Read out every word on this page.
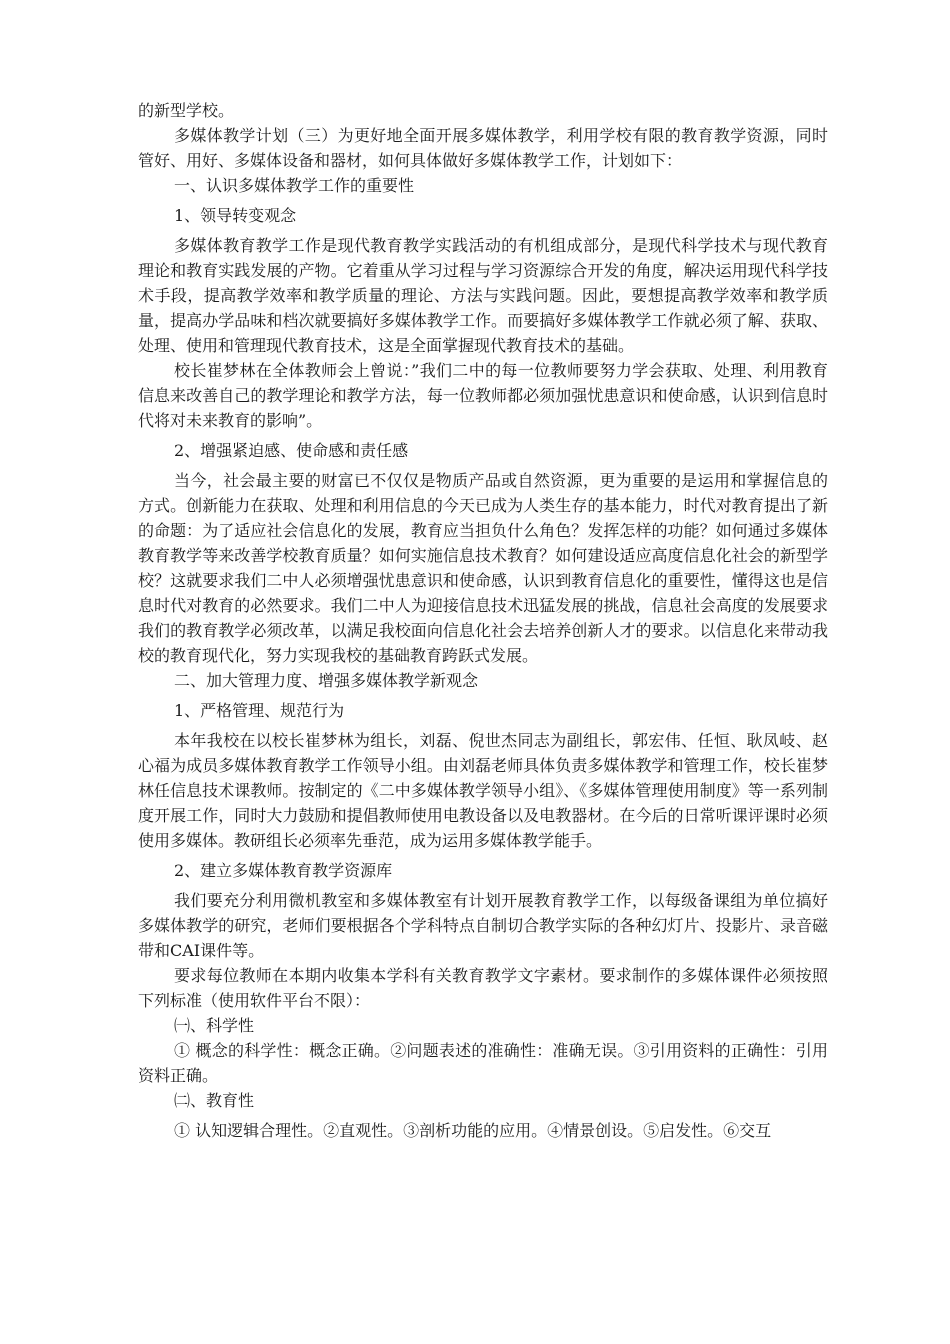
的新型学校。

多媒体教学计划（三）为更好地全面开展多媒体教学，利用学校有限的教育教学资源，同时管好、用好、多媒体设备和器材，如何具体做好多媒体教学工作，计划如下：

一、认识多媒体教学工作的重要性

1、领导转变观念

多媒体教育教学工作是现代教育教学实践活动的有机组成部分，是现代科学技术与现代教育理论和教育实践发展的产物。它着重从学习过程与学习资源综合开发的角度，解决运用现代科学技术手段，提高教学效率和教学质量的理论、方法与实践问题。因此，要想提高教学效率和教学质量，提高办学品味和档次就要搞好多媒体教学工作。而要搞好多媒体教学工作就必须了解、获取、处理、使用和管理现代教育技术，这是全面掌握现代教育技术的基础。

校长崔梦林在全体教师会上曾说：”我们二中的每一位教师要努力学会获取、处理、利用教育信息来改善自己的教学理论和教学方法，每一位教师都必须加强忧患意识和使命感，认识到信息时代将对未来教育的影响”。

2、增强紧迫感、使命感和责任感

当今，社会最主要的财富已不仅仅是物质产品或自然资源，更为重要的是运用和掌握信息的方式。创新能力在获取、处理和利用信息的今天已成为人类生存的基本能力，时代对教育提出了新的命题：为了适应社会信息化的发展，教育应当担负什么角色？发挥怎样的功能？如何通过多媒体教育教学等来改善学校教育质量？如何实施信息技术教育？如何建设适应高度信息化社会的新型学校？这就要求我们二中人必须增强忧患意识和使命感，认识到教育信息化的重要性，懂得这也是信息时代对教育的必然要求。我们二中人为迎接信息技术迅猛发展的挑战，信息社会高度的发展要求我们的教育教学必须改革，以满足我校面向信息化社会去培养创新人才的要求。以信息化来带动我校的教育现代化，努力实现我校的基础教育跨跃式发展。

二、加大管理力度、增强多媒体教学新观念

1、严格管理、规范行为

本年我校在以校长崔梦林为组长，刘磊、倪世杰同志为副组长，郭宏伟、任恒、耿凤岐、赵心福为成员多媒体教育教学工作领导小组。由刘磊老师具体负责多媒体教学和管理工作，校长崔梦林任信息技术课教师。按制定的《二中多媒体教学领导小组》、《多媒体管理使用制度》等一系列制度开展工作，同时大力鼓励和提倡教师使用电教设备以及电教器材。在今后的日常听课评课时必须使用多媒体。教研组长必须率先垂范，成为运用多媒体教学能手。

2、建立多媒体教育教学资源库

我们要充分利用微机教室和多媒体教室有计划开展教育教学工作，以每级备课组为单位搞好多媒体教学的研究，老师们要根据各个学科特点自制切合教学实际的各种幻灯片、投影片、录音磁带和CAI课件等。

要求每位教师在本期内收集本学科有关教育教学文字素材。要求制作的多媒体课件必须按照下列标准（使用软件平台不限）：

㈠、科学性

① 概念的科学性：概念正确。②问题表述的准确性：准确无误。③引用资料的正确性：引用资料正确。

㈡、教育性

① 认知逻辑合理性。②直观性。③剖析功能的应用。④情景创设。⑤启发性。⑥交互
